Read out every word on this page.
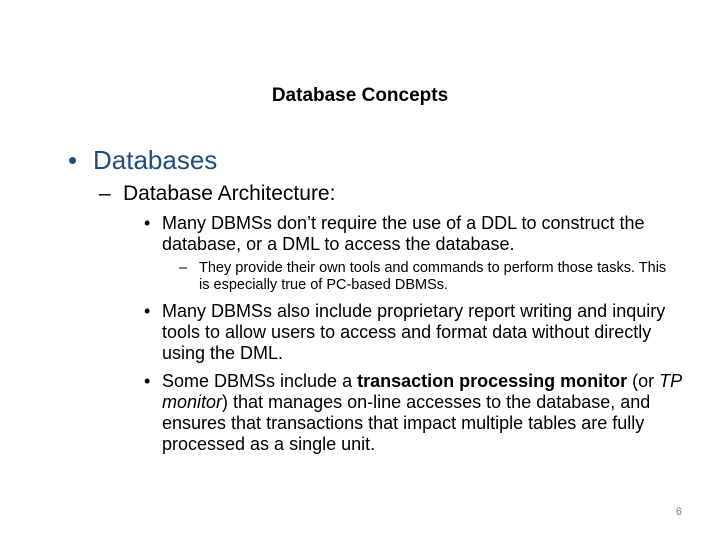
Database Concepts
• Databases
– Database Architecture:
• Many DBMSs don’t require the use of a DDL to construct the database, or a DML to access the database.
– They provide their own tools and commands to perform those tasks. This is especially true of PC-based DBMSs.
• Many DBMSs also include proprietary report writing and inquiry tools to allow users to access and format data without directly using the DML.
• Some DBMSs include a transaction processing monitor (or TP monitor) that manages on-line accesses to the database, and ensures that transactions that impact multiple tables are fully processed as a single unit.
6
